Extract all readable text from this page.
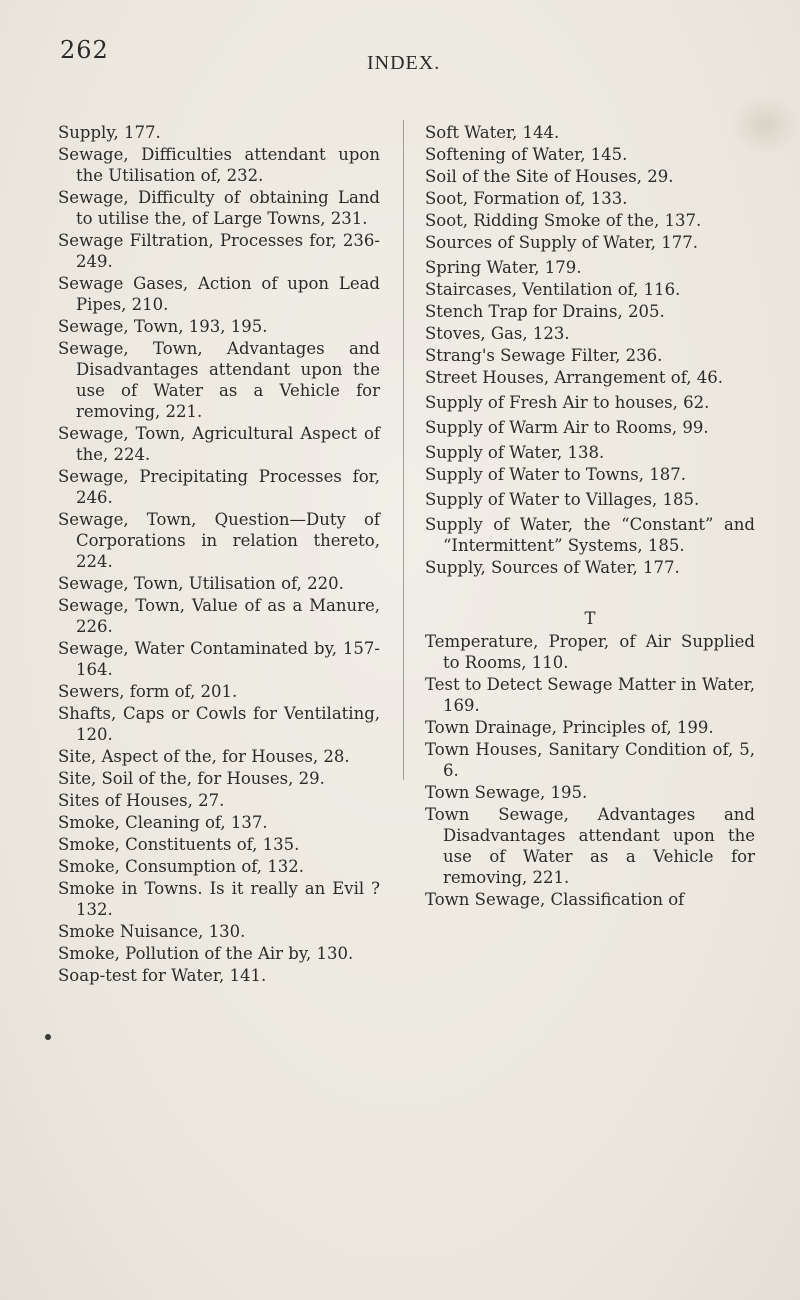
262	INDEX.

Supply, 177.

Sewage, Difficulties attendant upon the Utilisation of, 232.

Sewage, Difficulty of obtaining Land to utilise the, of Large Towns, 231.

Sewage Filtration, Processes for, 236-249.

Sewage Gases, Action of upon Lead Pipes, 210.

Sewage, Town, 193, 195.

Sewage, Town, Advantages and Disadvantages attendant upon the use of Water as a Vehicle for removing, 221.

Sewage, Town, Agricultural Aspect of the, 224.

Sewage, Precipitating Processes for, 246.

Sewage, Town, Question—Duty of Corporations in relation thereto, 224.

Sewage, Town, Utilisation of, 220.

Sewage, Town, Value of as a Manure, 226.

Sewage, Water Contaminated by, 157-164.

Sewers, form of, 201.

Shafts, Caps or Cowls for Ventilating, 120.

Site, Aspect of the, for Houses, 28.

Site, Soil of the, for Houses, 29.

Sites of Houses, 27.

Smoke, Cleaning of, 137.

Smoke, Constituents of, 135.

Smoke, Consumption of, 132.

Smoke in Towns. Is it really an Evil ? 132.

Smoke Nuisance, 130.

Smoke, Pollution of the Air by, 130.

Soap-test for Water, 141.

Soft Water, 144.

Softening of Water, 145.

Soil of the Site of Houses, 29.

Soot, Formation of, 133.

Soot, Ridding Smoke of the, 137.

Sources of Supply of Water, 177.

Spring Water, 179.

Staircases, Ventilation of, 116.

Stench Trap for Drains, 205.

Stoves, Gas, 123.

Strang's Sewage Filter, 236.

Street Houses, Arrangement of, 46.

Supply of Fresh Air to houses, 62.

Supply of Warm Air to Rooms, 99.

Supply of Water, 138.

Supply of Water to Towns, 187.

Supply of Water to Villages, 185.

Supply of Water, the “Constant” and “Intermittent” Systems, 185.

Supply, Sources of Water, 177.

T

Temperature, Proper, of Air Supplied to Rooms, 110.

Test to Detect Sewage Matter in Water, 169.

Town Drainage, Principles of, 199.

Town Houses, Sanitary Condition of, 5, 6.

Town Sewage, 195.

Town Sewage, Advantages and Disadvantages attendant upon the use of Water as a Vehicle for removing, 221.

Town Sewage, Classification of
